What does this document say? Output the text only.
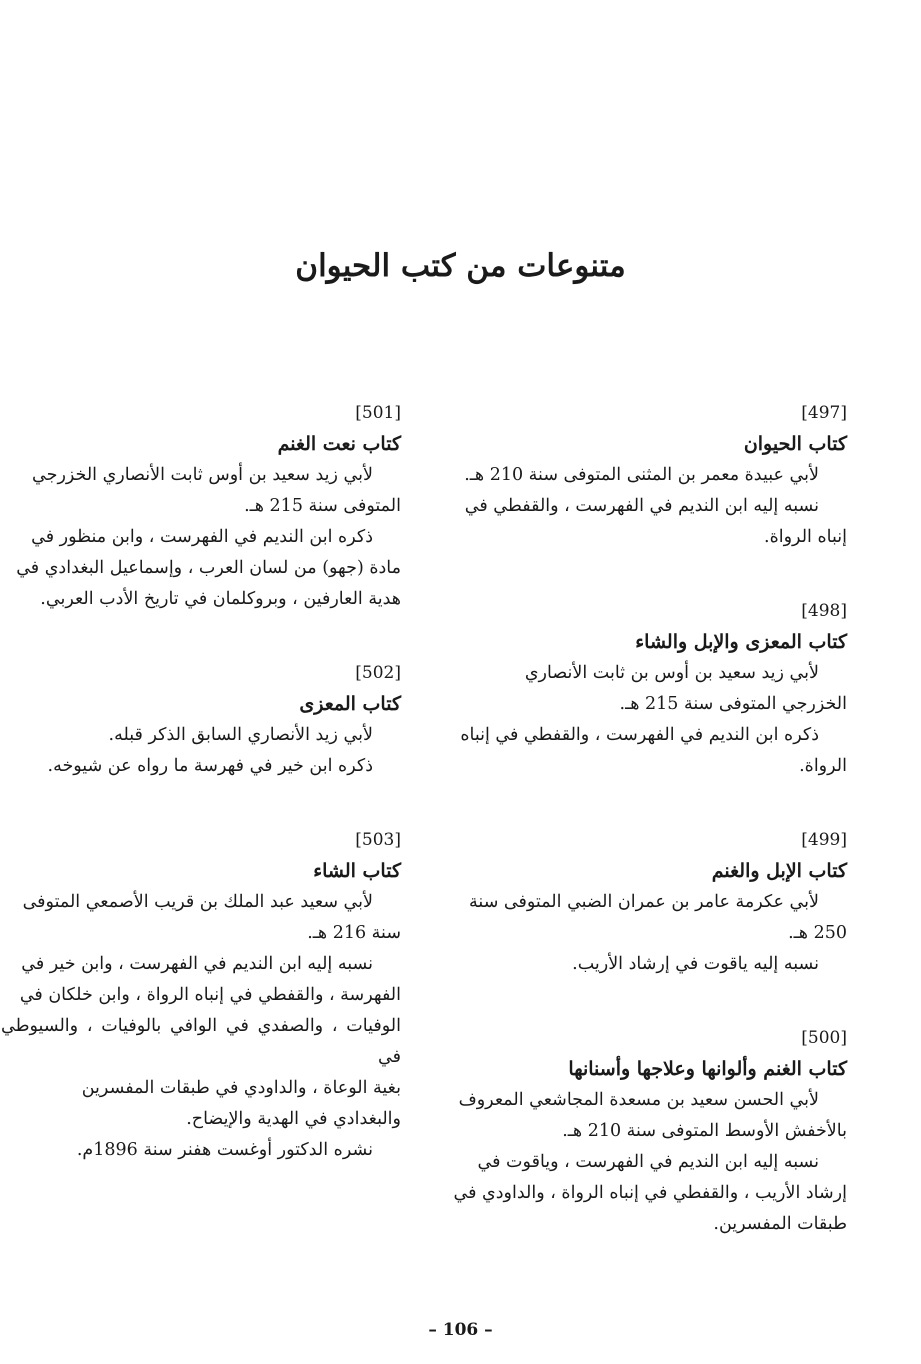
متنوعات من كتب الحيوان
[497]
كتاب الحيوان
لأبي عبيدة معمر بن المثنى المتوفى سنة 210 هـ.
نسبه إليه ابن النديم في الفهرست ، والقفطي في
إنباه الرواة.
[498]
كتاب المعزى والإبل والشاء
لأبي زيد سعيد بن أوس بن ثابت الأنصاري
الخزرجي المتوفى سنة 215 هـ.
ذكره ابن النديم في الفهرست ، والقفطي في إنباه
الرواة.
[499]
كتاب الإبل والغنم
لأبي عكرمة عامر بن عمران الضبي المتوفى سنة
250 هـ.
نسبه إليه ياقوت في إرشاد الأريب.
[500]
كتاب الغنم وألوانها وعلاجها وأسنانها
لأبي الحسن سعيد بن مسعدة المجاشعي المعروف
بالأخفش الأوسط المتوفى سنة 210 هـ.
نسبه إليه ابن النديم في الفهرست ، وياقوت في
إرشاد الأريب ، والقفطي في إنباه الرواة ، والداودي في
طبقات المفسرين.
[501]
كتاب نعت الغنم
لأبي زيد سعيد بن أوس ثابت الأنصاري الخزرجي
المتوفى سنة 215 هـ.
ذكره ابن النديم في الفهرست ، وابن منظور في
مادة (جهو) من لسان العرب ، وإسماعيل البغدادي في
هدية العارفين ، وبروكلمان في تاريخ الأدب العربي.
[502]
كتاب المعزى
لأبي زيد الأنصاري السابق الذكر قبله.
ذكره ابن خير في فهرسة ما رواه عن شيوخه.
[503]
كتاب الشاء
لأبي سعيد عبد الملك بن قريب الأصمعي المتوفى
سنة 216 هـ.
نسبه إليه ابن النديم في الفهرست ، وابن خير في
الفهرسة ، والقفطي في إنباه الرواة ، وابن خلكان في
الوفيات ، والصفدي في الوافي بالوفيات ، والسيوطي في
بغية الوعاة ، والداودي في طبقات المفسرين
والبغدادي في الهدية والإيضاح.
نشره الدكتور أوغست هفنر سنة 1896م.
– 106 –
